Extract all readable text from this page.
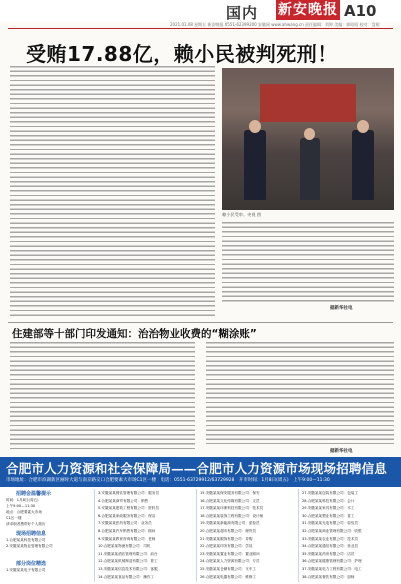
国内 新安晚报 A10
2021.01.08 星期五 新安晚报 0551-62399200 安徽网 www.ahwang.cn 责任编辑：刘婷 美编：郭昭昭 校对：盘根
受贿17.88亿，赖小民被判死刑！
赖小民受审。央视 图
据新华社电
住建部等十部门印发通知：治治物业收费的“糊涂账”
据新华社电
合肥市人力资源和社会保障局——合肥市人力资源市场现场招聘信息
市场地址：合肥市滨湖新区丽时大道与南京路交口合肥要素大市场C1区一楼　电话：0551-63729912/63729928　开市时间：1月8日(周五)　上午9:00—11:30
招聘会温馨提示
时间：1月8日(周五)
上午9:00—11:30
地点：合肥要素大市场
C1区一楼
请求职者携带好个人简历
现场招聘信息
1.合肥某某科技有限公司
2.安徽某某物业管理有限公司
部分岗位精选
1.安徽某某电子有限公司
3.安徽某某餐饮管理有限公司：服务员
4.合肥某某商贸有限公司：销售
5.安徽某某建筑工程有限公司：资料员
6.合肥某某家政服务有限公司：保洁
7.安徽某某医药有限公司：业务员
8.合肥某某汽车销售有限公司：顾问
9.安徽某某教育咨询有限公司：老师
10.合肥某某物流有限公司：司机
11.安徽某某酒店管理有限公司：前台
12.合肥某某机械制造有限公司：普工
13.安徽某某信息技术有限公司：客服
14.合肥某某食品有限公司：操作工
15.安徽某某保安服务有限公司：保安
16.合肥某某文化传媒有限公司：文员
17.安徽某某环保科技有限公司：技术员
18.合肥某某装饰工程有限公司：设计师
19.安徽某某新能源有限公司：质检员
20.合肥某某超市有限公司：理货员
21.安徽某某服饰有限公司：导购
22.合肥某某印务有限公司：学徒
23.安徽某某置业有限公司：置业顾问
24.合肥某某人力资源有限公司：专员
25.安徽某某仓储有限公司：叉车工
26.合肥某某电器有限公司：维修工
27.安徽某某包装有限公司：包装工
28.合肥某某科技有限公司：会计
29.安徽某某家具有限公司：木工
30.合肥某某塑业有限公司：普工
31.安徽某某光电有限公司：检验员
32.合肥某某商业管理有限公司：收银
33.安徽某某农业有限公司：技术员
34.合肥某某通信有限公司：营业员
35.安徽某某药房有限公司：店员
36.合肥某某健康管理有限公司：护理
37.安徽某某电力工程有限公司：电工
38.合肥某某餐饮有限公司：厨师
